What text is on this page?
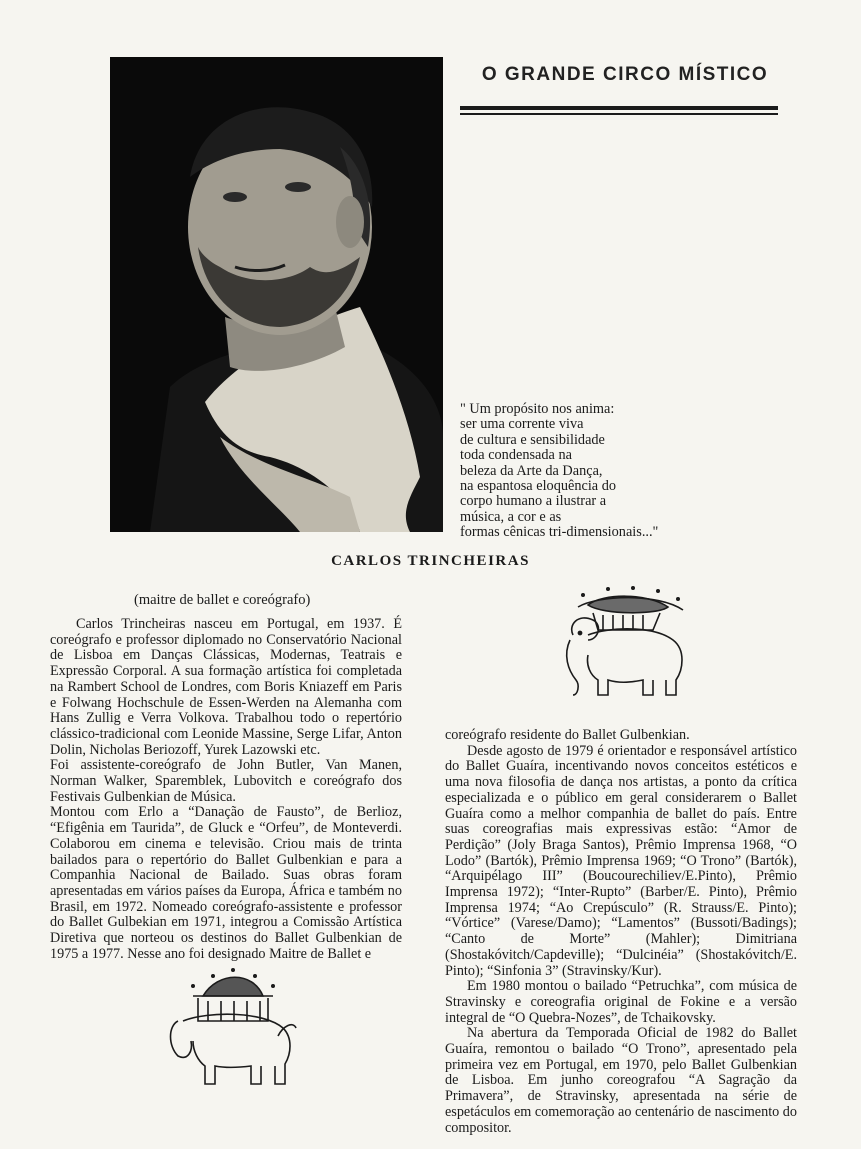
O GRANDE CIRCO MÍSTICO
" Um propósito nos anima:
ser uma corrente viva
de cultura e sensibilidade
toda condensada na
beleza da Arte da Dança,
na espantosa eloquência do
corpo humano a ilustrar a
música, a cor e as
formas cênicas tri-dimensionais..."
CARLOS TRINCHEIRAS
(maitre de ballet e coreógrafo)

Carlos Trincheiras nasceu em Portugal, em 1937. É coreógrafo e professor diplomado no Conservatório Nacional de Lisboa em Danças Clássicas, Modernas, Teatrais e Expressão Corporal. A sua formação artística foi completada na Rambert School de Londres, com Boris Kniazeff em Paris e Folwang Hochschule de Essen-Werden na Alemanha com Hans Zullig e Verra Volkova. Trabalhou todo o repertório clássico-tradicional com Leonide Massine, Serge Lifar, Anton Dolin, Nicholas Beriozoff, Yurek Lazowski etc.

Foi assistente-coreógrafo de John Butler, Van Manen, Norman Walker, Sparemblek, Lubovitch e coreógrafo dos Festivais Gulbenkian de Música.

Montou com Erlo a “Danação de Fausto”, de Berlioz, “Efigênia em Taurida”, de Gluck e “Orfeu”, de Monteverdi. Colaborou em cinema e televisão. Criou mais de trinta bailados para o repertório do Ballet Gulbenkian e para a Companhia Nacional de Bailado. Suas obras foram apresentadas em vários países da Europa, África e também no Brasil, em 1972. Nomeado coreógrafo-assistente e professor do Ballet Gulbekian em 1971, integrou a Comissão Artística Diretiva que norteou os destinos do Ballet Gulbenkian de 1975 a 1977. Nesse ano foi designado Maitre de Ballet e

coreógrafo residente do Ballet Gulbenkian.

Desde agosto de 1979 é orientador e responsável artístico do Ballet Guaíra, incentivando novos conceitos estéticos e uma nova filosofia de dança nos artistas, a ponto da crítica especializada e o público em geral considerarem o Ballet Guaíra como a melhor companhia de ballet do país. Entre suas coreografias mais expressivas estão: “Amor de Perdição” (Joly Braga Santos), Prêmio Imprensa 1968, “O Lodo” (Bartók), Prêmio Imprensa 1969; “O Trono” (Bartók), “Arquipélago III” (Boucourechiliev/E.Pinto), Prêmio Imprensa 1972); “Inter-Rupto” (Barber/E. Pinto), Prêmio Imprensa 1974; “Ao Crepúsculo” (R. Strauss/E. Pinto); “Vórtice” (Varese/Damo); “Lamentos” (Bussoti/Badings); “Canto de Morte” (Mahler); Dimitriana (Shostakóvitch/Capdeville); “Dulcinéia” (Shostakóvitch/E. Pinto); “Sinfonia 3” (Stravinsky/Kur).

Em 1980 montou o bailado “Petruchka”, com música de Stravinsky e coreografia original de Fokine e a versão integral de “O Quebra-Nozes”, de Tchaikovsky.

Na abertura da Temporada Oficial de 1982 do Ballet Guaíra, remontou o bailado “O Trono”, apresentado pela primeira vez em Portugal, em 1970, pelo Ballet Gulbenkian de Lisboa. Em junho coreografou “A Sagração da Primavera”, de Stravinsky, apresentada na série de espetáculos em comemoração ao centenário de nascimento do compositor.
